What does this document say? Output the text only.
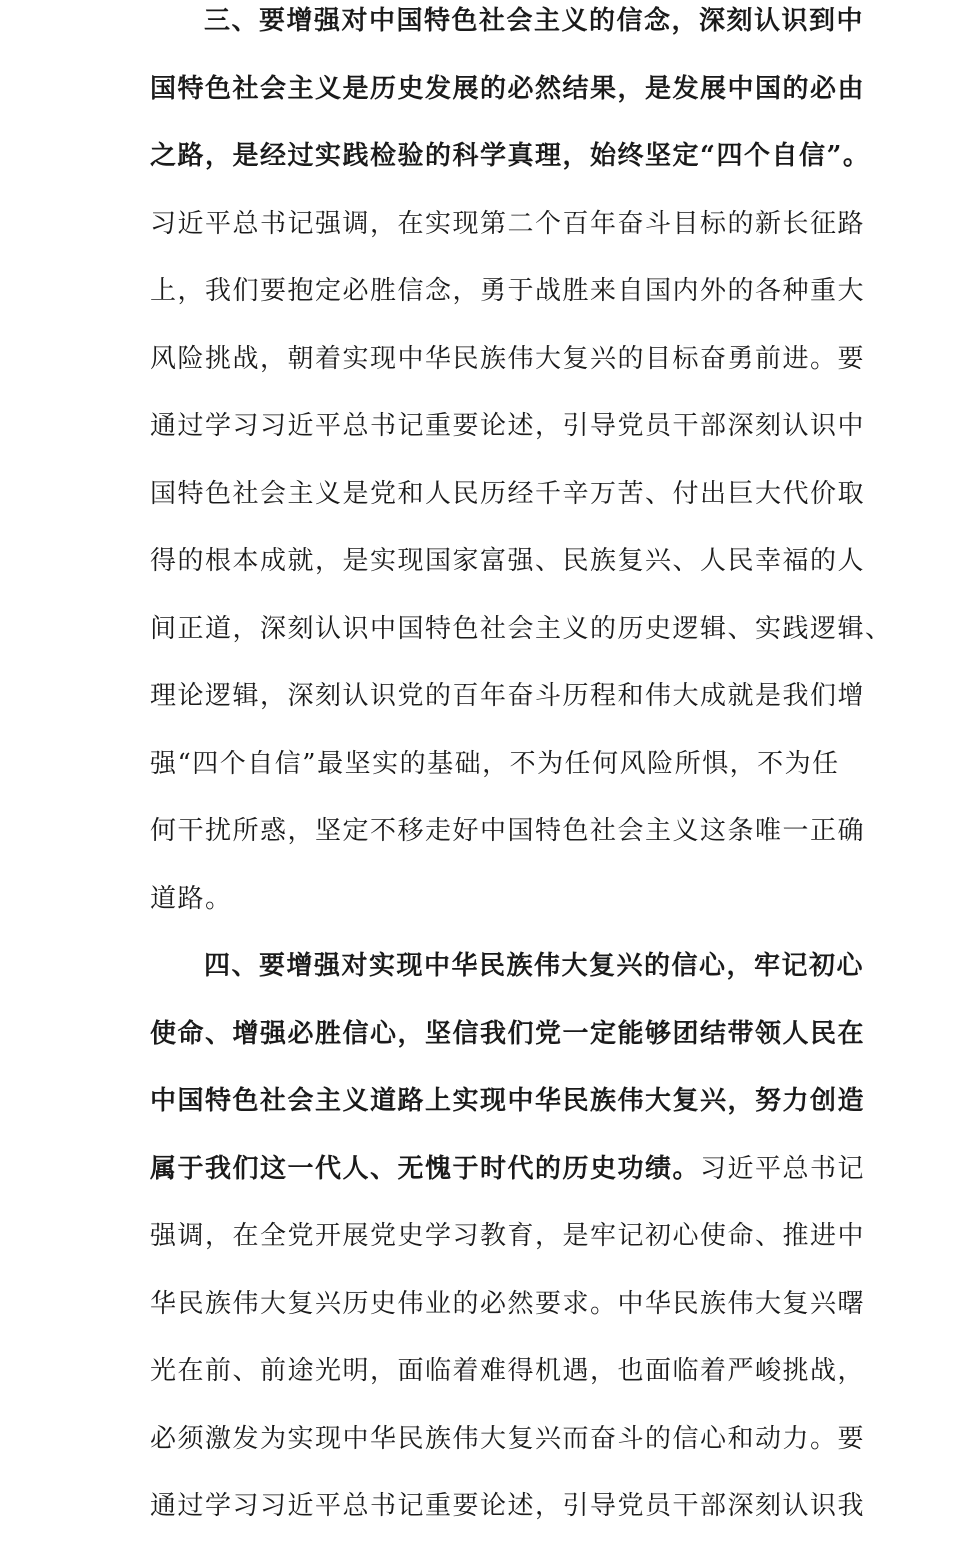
三、要增强对中国特色社会主义的信念，深刻认识到中
国特色社会主义是历史发展的必然结果，是发展中国的必由
之路，是经过实践检验的科学真理，始终坚定“四个自信”。
习近平总书记强调，在实现第二个百年奋斗目标的新长征路
上，我们要抱定必胜信念，勇于战胜来自国内外的各种重大
风险挑战，朝着实现中华民族伟大复兴的目标奋勇前进。要
通过学习习近平总书记重要论述，引导党员干部深刻认识中
国特色社会主义是党和人民历经千辛万苦、付出巨大代价取
得的根本成就，是实现国家富强、民族复兴、人民幸福的人
间正道，深刻认识中国特色社会主义的历史逻辑、实践逻辑、
理论逻辑，深刻认识党的百年奋斗历程和伟大成就是我们增
强“四个自信”最坚实的基础，不为任何风险所惧，不为任
何干扰所惑，坚定不移走好中国特色社会主义这条唯一正确
道路。
四、要增强对实现中华民族伟大复兴的信心，牢记初心
使命、增强必胜信心，坚信我们党一定能够团结带领人民在
中国特色社会主义道路上实现中华民族伟大复兴，努力创造
属于我们这一代人、无愧于时代的历史功绩。习近平总书记
强调，在全党开展党史学习教育，是牢记初心使命、推进中
华民族伟大复兴历史伟业的必然要求。中华民族伟大复兴曙
光在前、前途光明，面临着难得机遇，也面临着严峻挑战，
必须激发为实现中华民族伟大复兴而奋斗的信心和动力。要
通过学习习近平总书记重要论述，引导党员干部深刻认识我
